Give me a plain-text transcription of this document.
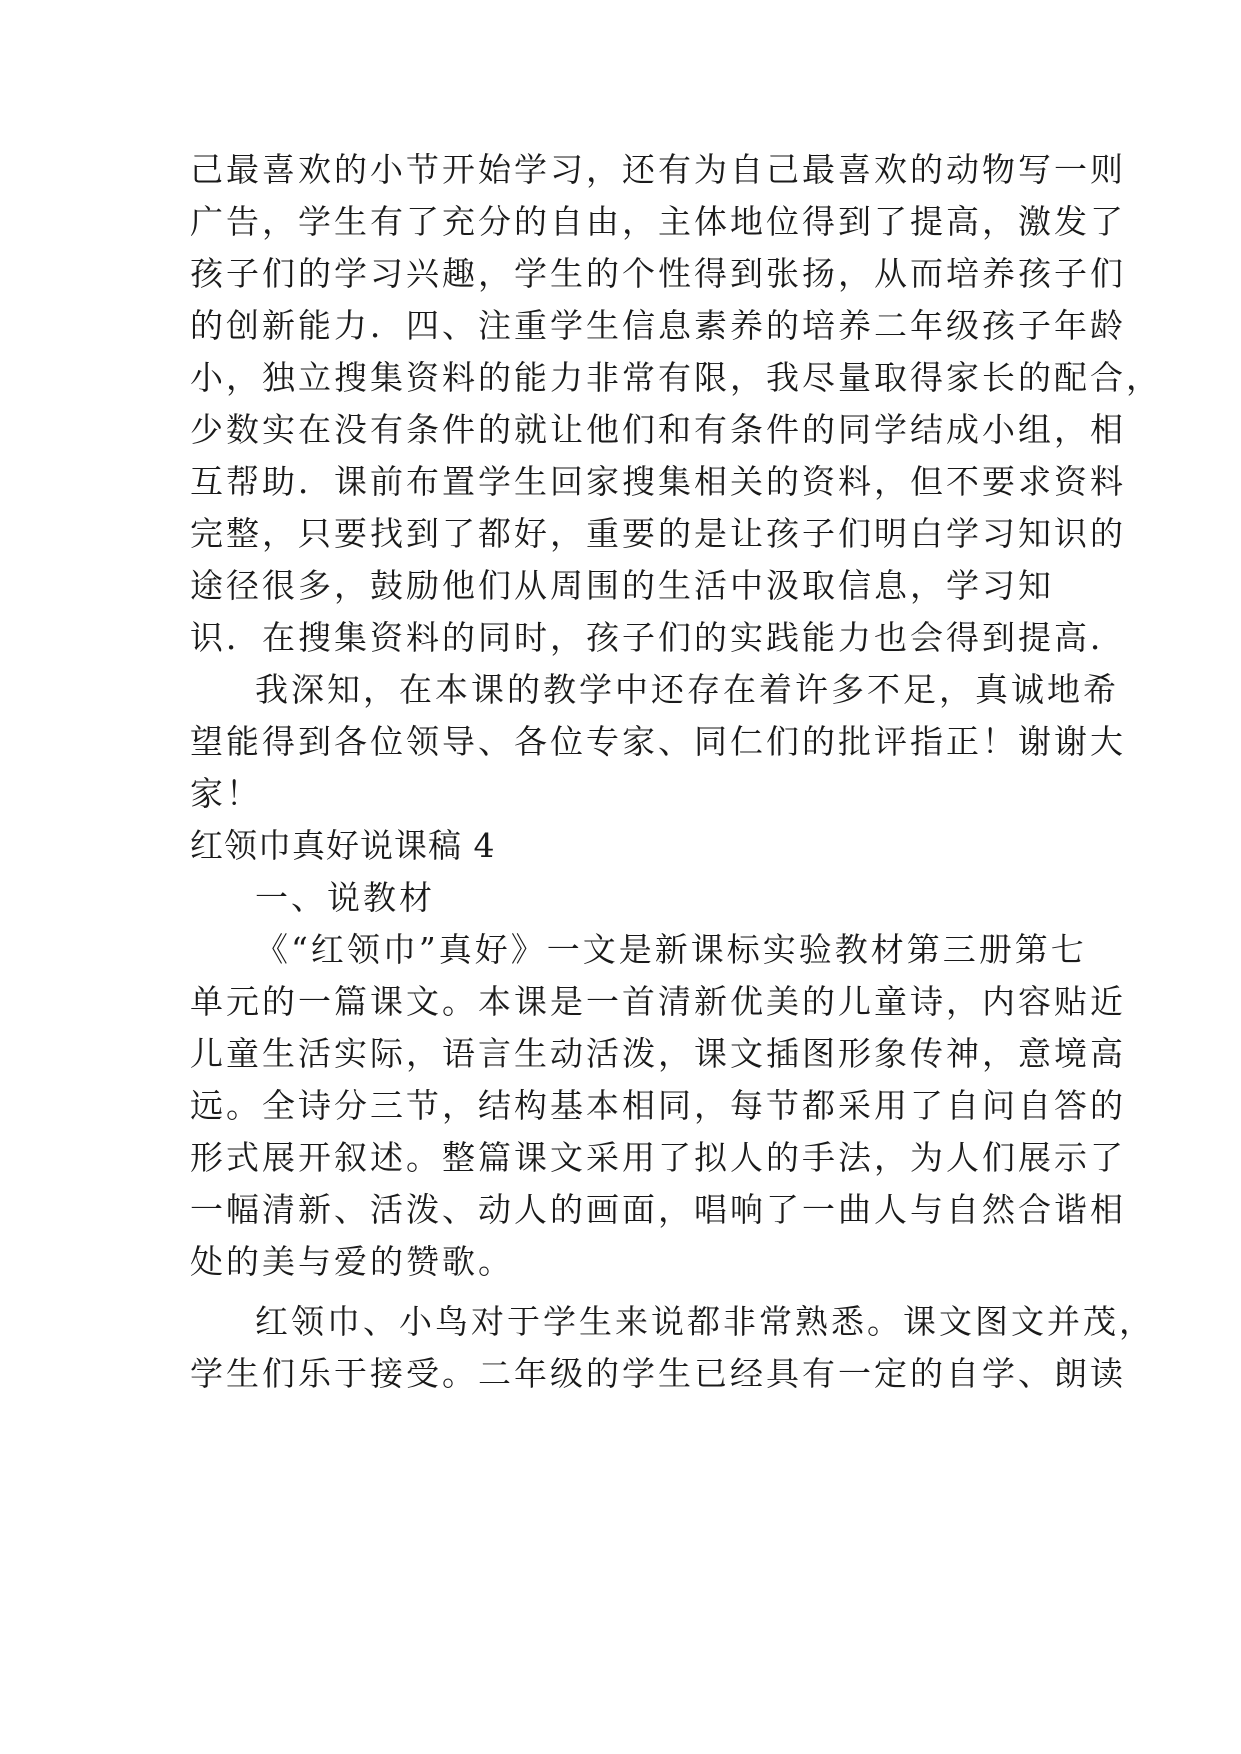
己最喜欢的小节开始学习，还有为自己最喜欢的动物写一则
广告，学生有了充分的自由，主体地位得到了提高，激发了
孩子们的学习兴趣，学生的个性得到张扬，从而培养孩子们
的创新能力．四、注重学生信息素养的培养二年级孩子年龄
小，独立搜集资料的能力非常有限，我尽量取得家长的配合，
少数实在没有条件的就让他们和有条件的同学结成小组，相
互帮助．课前布置学生回家搜集相关的资料，但不要求资料
完整，只要找到了都好，重要的是让孩子们明白学习知识的
途径很多，鼓励他们从周围的生活中汲取信息，学习知
识．在搜集资料的同时，孩子们的实践能力也会得到提高．
我深知，在本课的教学中还存在着许多不足，真诚地希
望能得到各位领导、各位专家、同仁们的批评指正！谢谢大
家！
红领巾真好说课稿 4
一、说教材
《“红领巾”真好》一文是新课标实验教材第三册第七
单元的一篇课文。本课是一首清新优美的儿童诗，内容贴近
儿童生活实际，语言生动活泼，课文插图形象传神，意境高
远。全诗分三节，结构基本相同，每节都采用了自问自答的
形式展开叙述。整篇课文采用了拟人的手法，为人们展示了
一幅清新、活泼、动人的画面，唱响了一曲人与自然合谐相
处的美与爱的赞歌。
红领巾、小鸟对于学生来说都非常熟悉。课文图文并茂，
学生们乐于接受。二年级的学生已经具有一定的自学、朗读
